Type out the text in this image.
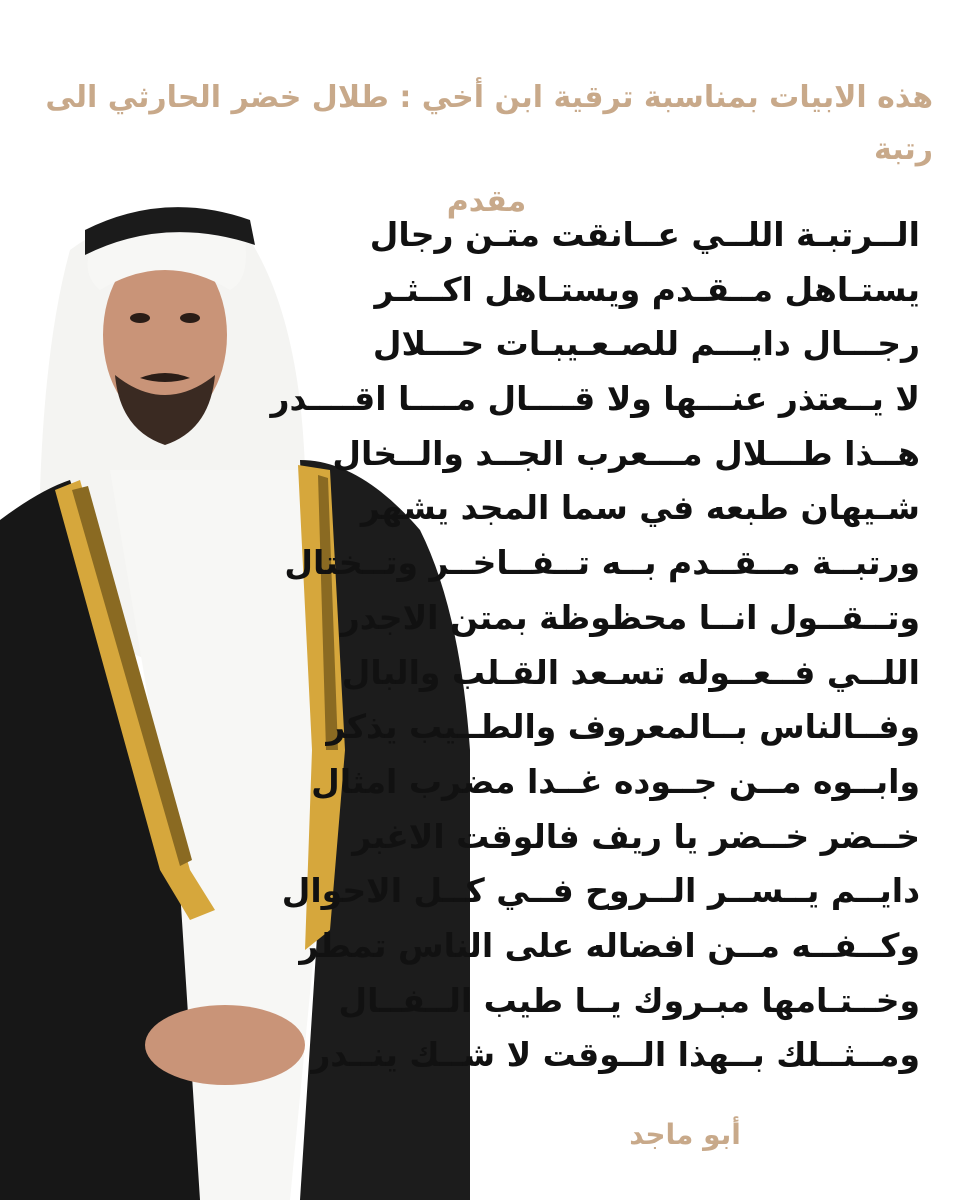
هذه الابيات بمناسبة ترقية ابن أخي : طلال خضر الحارثي الى رتبة
مقدم
الــرتبـة اللــي عــانقت متـن رجال
يستـاهل مــقـدم ويستـاهل اكــثـر
رجـــال دايـــم للصـعـيبـات حـــلال
لا يــعتذر عنـــها ولا قــــال مــــا اقــــدر
هــذا طـــلال مـــعرب الجــد والــخال
شـيهان طبعه في سما المجد يشهر
ورتبــة مــقــدم بــه تــفــاخــر وتــختال
وتــقــول انــا محظوظة بمتن الاجدر
اللــي فــعــوله تسـعد القـلب والبال
وفــالناس بــالمعروف والطــيب يذكر
وابــوه مــن جــوده غــدا مضرب امثال
خــضر خــضر يا ريف فالوقت الاغبر
دايــم يــســر الــروح فــي كــل الاحوال
وكــفــه مــن افضاله على الناس تمطر
وخــتـامها مبـروك يــا طيب الــفــال
ومــثــلك بــهذا الــوقت لا شــك ينــدر
أبو ماجد
